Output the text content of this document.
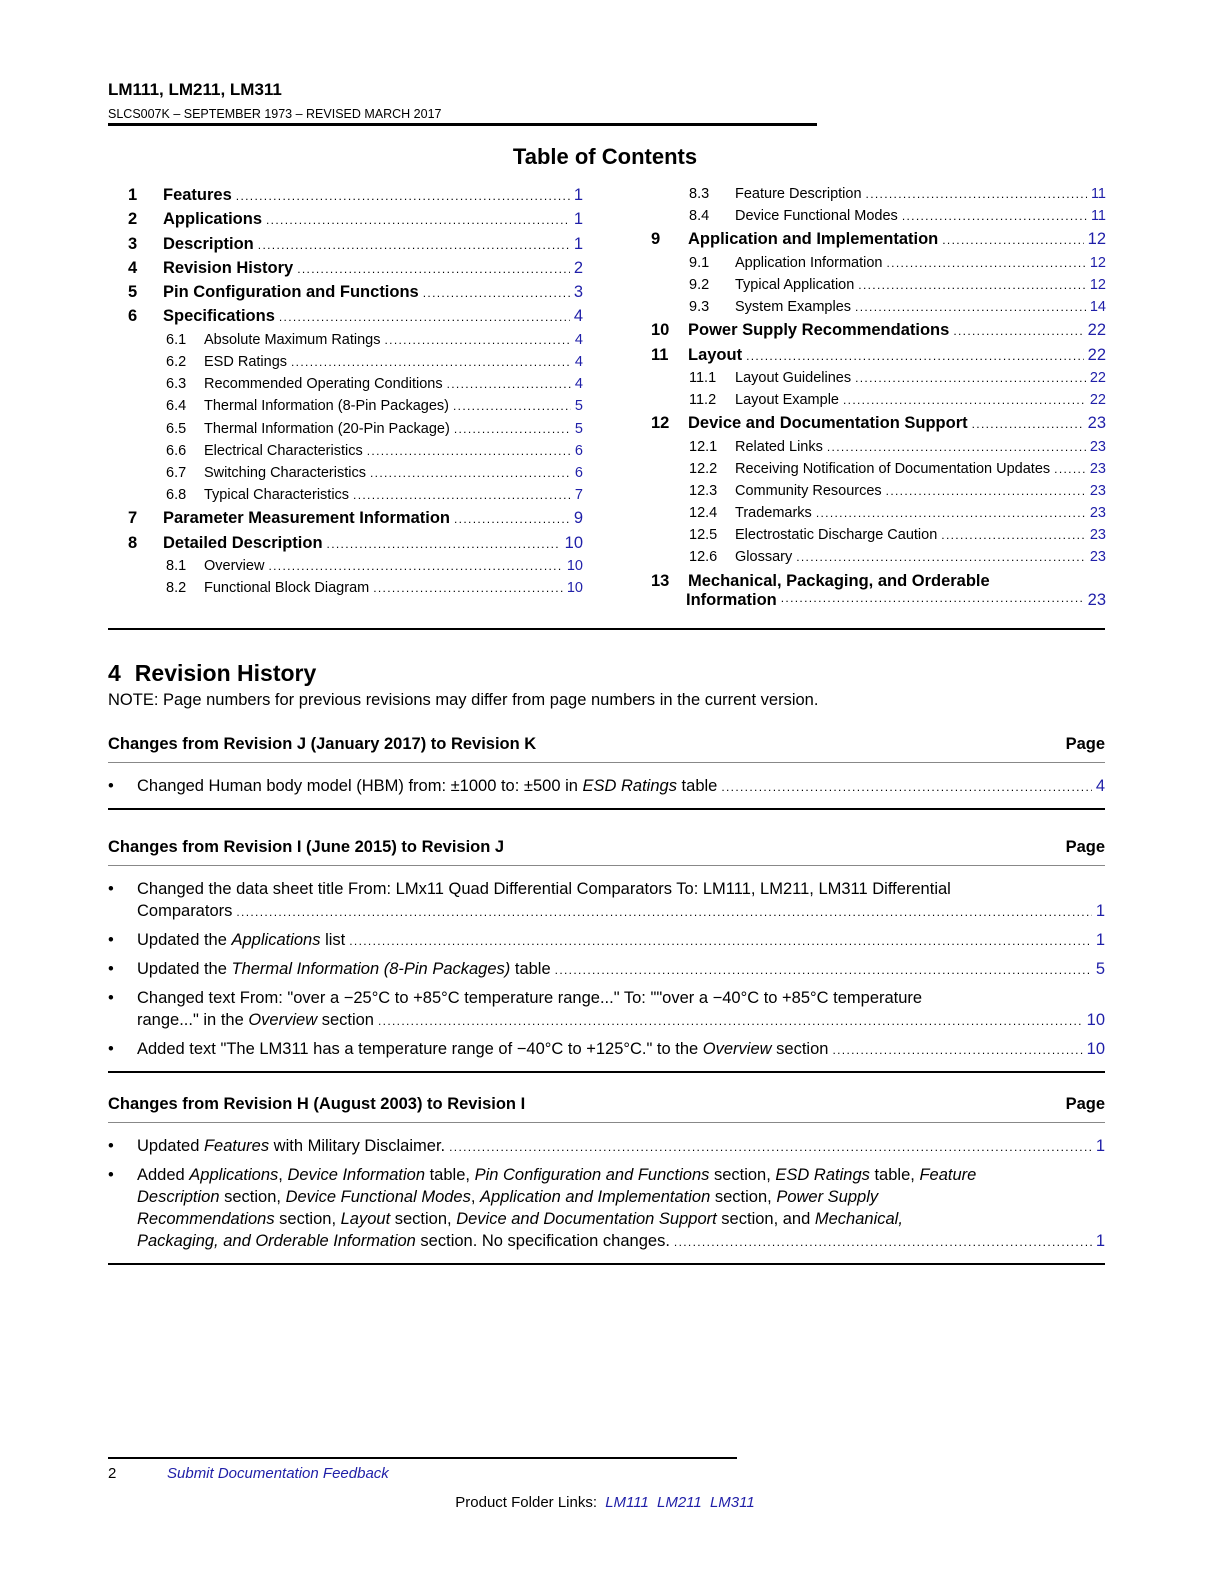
LM111, LM211, LM311
SLCS007K – SEPTEMBER 1973 – REVISED MARCH 2017
Table of Contents
1	Features . . .	1
2	Applications . . .	1
3	Description . . .	1
4	Revision History . . .	2
5	Pin Configuration and Functions . . .	3
6	Specifications . . .	4
6.1	Absolute Maximum Ratings . . .	4
6.2	ESD Ratings . . .	4
6.3	Recommended Operating Conditions . . .	4
6.4	Thermal Information (8-Pin Packages) . . .	5
6.5	Thermal Information (20-Pin Package) . . .	5
6.6	Electrical Characteristics . . .	6
6.7	Switching Characteristics . . .	6
6.8	Typical Characteristics . . .	7
7	Parameter Measurement Information . . .	9
8	Detailed Description . . .	10
8.1	Overview . . .	10
8.2	Functional Block Diagram . . .	10
8.3	Feature Description . . .	11
8.4	Device Functional Modes . . .	11
9	Application and Implementation . . .	12
9.1	Application Information . . .	12
9.2	Typical Application . . .	12
9.3	System Examples . . .	14
10	Power Supply Recommendations . . .	22
11	Layout . . .	22
11.1	Layout Guidelines . . .	22
11.2	Layout Example . . .	22
12	Device and Documentation Support . . .	23
12.1	Related Links . . .	23
12.2	Receiving Notification of Documentation Updates . . .	23
12.3	Community Resources . . .	23
12.4	Trademarks . . .	23
12.5	Electrostatic Discharge Caution . . .	23
12.6	Glossary . . .	23
13	Mechanical, Packaging, and Orderable
Information . . .	23
4 Revision History
NOTE: Page numbers for previous revisions may differ from page numbers in the current version.
Changes from Revision J (January 2017) to Revision K	Page
• Changed Human body model (HBM) from: ±1000 to: ±500 in ESD Ratings table . . .	4
Changes from Revision I (June 2015) to Revision J	Page
• Changed the data sheet title From: LMx11 Quad Differential Comparators To: LM111, LM211, LM311 Differential
Comparators . . .	1
• Updated the Applications list . . .	1
• Updated the Thermal Information (8-Pin Packages) table . . .	5
• Changed text From: "over a −25°C to +85°C temperature range..." To: ""over a −40°C to +85°C temperature
range..." in the Overview section . . .	10
• Added text "The LM311 has a temperature range of −40°C to +125°C." to the Overview section . . .	10
Changes from Revision H (August 2003) to Revision I	Page
• Updated Features with Military Disclaimer. . . .	1
• Added Applications, Device Information table, Pin Configuration and Functions section, ESD Ratings table, Feature
Description section, Device Functional Modes, Application and Implementation section, Power Supply
Recommendations section, Layout section, Device and Documentation Support section, and Mechanical,
Packaging, and Orderable Information section. No specification changes. . . .	1
2	Submit Documentation Feedback
Product Folder Links: LM111 LM211 LM311
